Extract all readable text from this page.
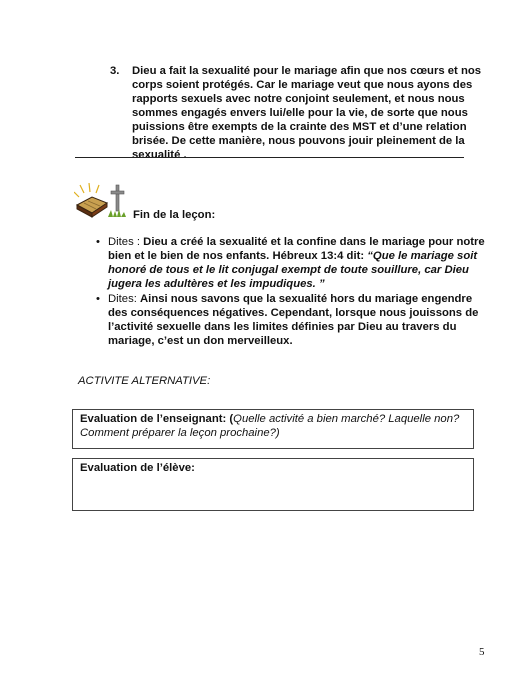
3. Dieu a fait la sexualité pour le mariage afin que nos cœurs et nos corps soient protégés. Car le mariage veut que nous ayons des rapports sexuels avec notre conjoint seulement, et nous nous sommes engagés envers lui/elle pour la vie, de sorte que nous puissions être exempts de la crainte des MST et d’une relation brisée. De cette manière, nous pouvons jouir pleinement de la sexualité .
Fin de la leçon:
• Dites : Dieu a créé la sexualité et la confine dans le mariage pour notre bien et le bien de nos enfants. Hébreux 13:4 dit: “Que le mariage soit honoré de tous et le lit conjugal exempt de toute souillure, car Dieu jugera les adultères et les impudiques. ”
• Dites: Ainsi nous savons que la sexualité hors du mariage engendre des conséquences négatives. Cependant, lorsque nous jouissons de l’activité sexuelle dans les limites définies par Dieu au travers du mariage, c’est un don merveilleux.
ACTIVITE ALTERNATIVE:
Evaluation de l’enseignant: (Quelle activité a bien marché? Laquelle non? Comment préparer la leçon prochaine?)
Evaluation de l’élève:
5
